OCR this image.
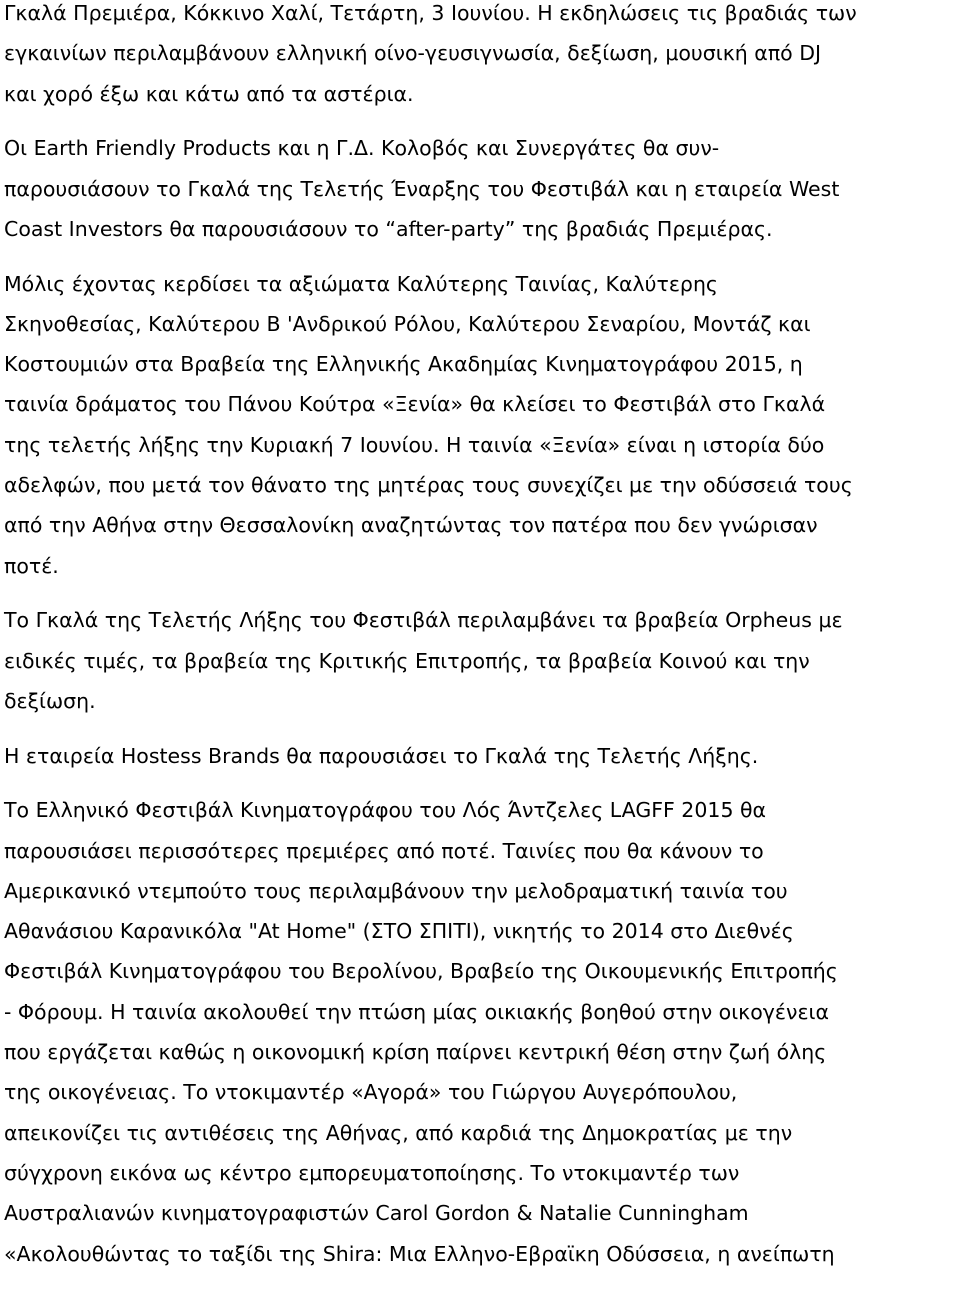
Γκαλά Πρεμιέρα, Κόκκινο Χαλί, Τετάρτη, 3 Ιουνίου. Η εκδηλώσεις τις βραδιάς των
εγκαινίων περιλαμβάνουν ελληνική οίνο-γευσιγνωσία, δεξίωση, μουσική από DJ
και χορό έξω και κάτω από τα αστέρια.

Οι Earth Friendly Products και η Γ.Δ. Κολοβός και Συνεργάτες θα συν-
παρουσιάσουν το Γκαλά της Τελετής Έναρξης του Φεστιβάλ και η εταιρεία West
Coast Investors θα παρουσιάσουν το “after-party” της βραδιάς Πρεμιέρας.

Μόλις έχοντας κερδίσει τα αξιώματα Καλύτερης Ταινίας, Καλύτερης
Σκηνοθεσίας, Καλύτερου Β 'Ανδρικού Ρόλου, Καλύτερου Σεναρίου, Μοντάζ και
Κοστουμιών στα Βραβεία της Ελληνικής Ακαδημίας Κινηματογράφου 2015, η
ταινία δράματος του Πάνου Κούτρα «Ξενία» θα κλείσει το Φεστιβάλ στο Γκαλά
της τελετής λήξης την Κυριακή 7 Ιουνίου. Η ταινία «Ξενία» είναι η ιστορία δύο
αδελφών, που μετά τον θάνατο της μητέρας τους συνεχίζει με την οδύσσειά τους
από την Αθήνα στην Θεσσαλονίκη αναζητώντας τον πατέρα που δεν γνώρισαν
ποτέ.

Το Γκαλά της Τελετής Λήξης του Φεστιβάλ περιλαμβάνει τα βραβεία Orpheus με
ειδικές τιμές, τα βραβεία της Κριτικής Επιτροπής, τα βραβεία Κοινού και την
δεξίωση.

Η εταιρεία Hostess Brands θα παρουσιάσει το Γκαλά της Τελετής Λήξης.

Το Ελληνικό Φεστιβάλ Κινηματογράφου του Λός Άντζελες LAGFF 2015 θα
παρουσιάσει περισσότερες πρεμιέρες από ποτέ. Ταινίες που θα κάνουν το
Αμερικανικό ντεμπούτο τους περιλαμβάνουν την μελοδραματική ταινία του
Αθανάσιου Καρανικόλα "At Home" (ΣΤΟ ΣΠΙΤΙ), νικητής το 2014 στο Διεθνές
Φεστιβάλ Κινηματογράφου του Βερολίνου, Βραβείο της Οικουμενικής Επιτροπής
- Φόρουμ. Η ταινία ακολουθεί την πτώση μίας οικιακής βοηθού στην οικογένεια
που εργάζεται καθώς η οικονομική κρίση παίρνει κεντρική θέση στην ζωή όλης
της οικογένειας. Το ντοκιμαντέρ «Αγορά» του Γιώργου Αυγερόπουλου,
απεικονίζει τις αντιθέσεις της Αθήνας, από καρδιά της Δημοκρατίας με την
σύγχρονη εικόνα ως κέντρο εμπορευματοποίησης. Το ντοκιμαντέρ των
Αυστραλιανών κινηματογραφιστών Carol Gordon & Natalie Cunningham
«Ακολουθώντας το ταξίδι της Shira: Μια Ελληνο-Εβραϊκη Οδύσσεια, η ανείπωτη
